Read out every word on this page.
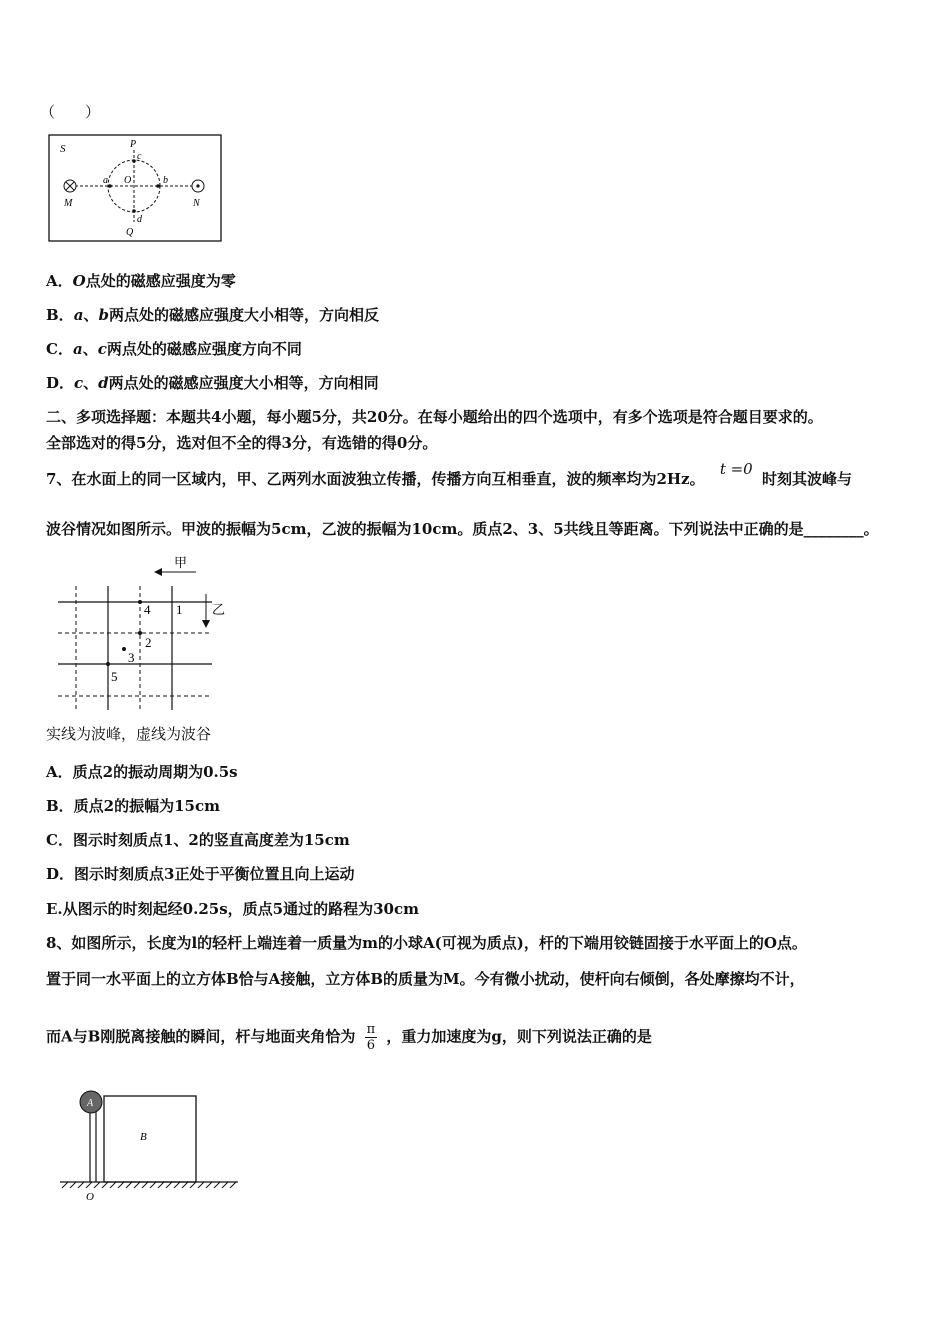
（　　）
S	P
c
a O	b
M	N
d
Q
A．O点处的磁感应强度为零
B．a、b两点处的磁感应强度大小相等，方向相反
C．a、c两点处的磁感应强度方向不同
D．c、d两点处的磁感应强度大小相等，方向相同
二、多项选择题：本题共4小题，每小题5分，共20分。在每小题给出的四个选项中，有多个选项是符合题目要求的。
全部选对的得5分，选对但不全的得3分，有选错的得0分。
7、在水面上的同一区域内，甲、乙两列水面波独立传播，传播方向互相垂直，波的频率均为2Hz。 t =0 时刻其波峰与
波谷情况如图所示。甲波的振幅为5cm，乙波的振幅为10cm。质点2、3、5共线且等距离。下列说法中正确的是________。
甲
乙
1
2
3
4
5
实线为波峰，虚线为波谷
A．质点2的振动周期为0.5s
B．质点2的振幅为15cm
C．图示时刻质点1、2的竖直高度差为15cm
D．图示时刻质点3正处于平衡位置且向上运动
E.从图示的时刻起经0.25s，质点5通过的路程为30cm
8、如图所示，长度为l的轻杆上端连着一质量为m的小球A(可视为质点)，杆的下端用铰链固接于水平面上的O点。
置于同一水平面上的立方体B恰与A接触，立方体B的质量为M。今有微小扰动，使杆向右倾倒，各处摩擦均不计，
而A与B刚脱离接触的瞬间，杆与地面夹角恰为 $\frac{\pi}{6}$ ，重力加速度为g，则下列说法正确的是
B
A
O
